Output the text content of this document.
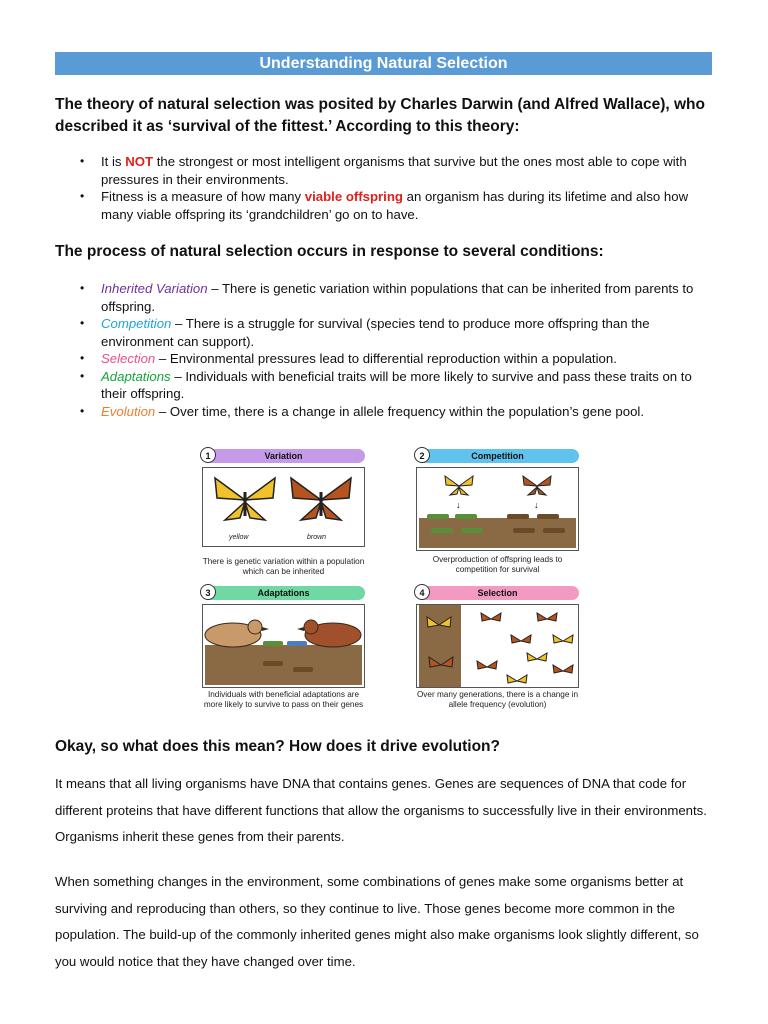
Understanding Natural Selection
The theory of natural selection was posited by Charles Darwin (and Alfred Wallace), who described it as ‘survival of the fittest.’ According to this theory:
• It is NOT the strongest or most intelligent organisms that survive but the ones most able to cope with pressures in their environments.
• Fitness is a measure of how many viable offspring an organism has during its lifetime and also how many viable offspring its ‘grandchildren’ go on to have.
The process of natural selection occurs in response to several conditions:
• Inherited Variation – There is genetic variation within populations that can be inherited from parents to offspring.
• Competition – There is a struggle for survival (species tend to produce more offspring than the environment can support).
• Selection – Environmental pressures lead to differential reproduction within a population.
• Adaptations – Individuals with beneficial traits will be more likely to survive and pass these traits on to their offspring.
• Evolution – Over time, there is a change in allele frequency within the population’s gene pool.
Variation
1
yellow	brown
There is genetic variation within a population which can be inherited
Competition
2
↓	↓
Overproduction of offspring leads to competition for survival
Adaptations
3
Individuals with beneficial adaptations are more likely to survive to pass on their genes
Selection
4
Over many generations, there is a change in allele frequency (evolution)
Okay, so what does this mean? How does it drive evolution?
It means that all living organisms have DNA that contains genes. Genes are sequences of DNA that code for different proteins that have different functions that allow the organisms to successfully live in their environments. Organisms inherit these genes from their parents.
When something changes in the environment, some combinations of genes make some organisms better at surviving and reproducing than others, so they continue to live. Those genes become more common in the population. The build-up of the commonly inherited genes might also make organisms look slightly different, so you would notice that they have changed over time.
